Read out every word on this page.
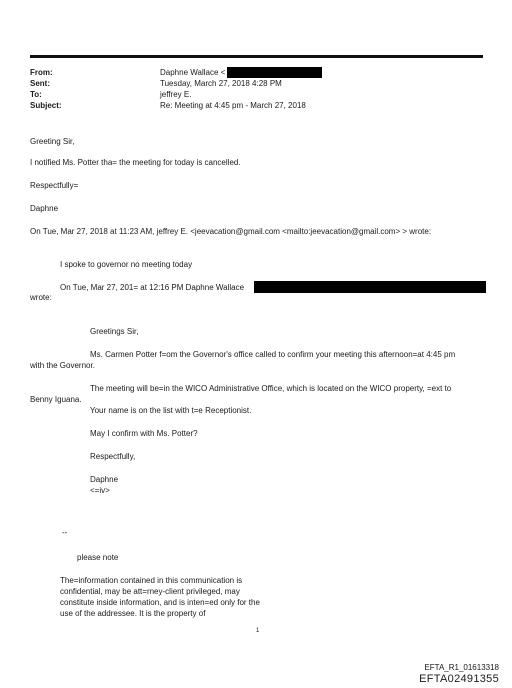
From:
Sent:
To:
Subject:
Daphne Wallace <
Tuesday, March 27, 2018 4:28 PM
jeffrey E.
Re: Meeting at 4:45 pm - March 27, 2018
Greeting Sir,
I notified Ms. Potter tha= the meeting for today is cancelled.
Respectfully=
Daphne
On Tue, Mar 27, 2018 at 11:23 AM, jeffrey E. <jeevacation@gmail.com <mailto:jeevacation@gmail.com> > wrote:
I spoke to governor no meeting today
On Tue, Mar 27, 201= at 12:16 PM Daphne Wallace
wrote:
Greetings Sir,
Ms. Carmen Potter f=om the Governor's office called to confirm your meeting this afternoon=at 4:45 pm
with the Governor.
The meeting will be=in the WICO Administrative Office, which is located on the WICO property, =ext to
Benny Iguana.
Your name is on the list with t=e Receptionist.
May I confirm with Ms. Potter?
Respectfully,
Daphne
<=iv>
--
please note
The=information contained in this communication is confidential, may be att=rney-client privileged, may constitute inside information, and is inten=ed only for the use of the addressee. It is the property of
1
EFTA_R1_01613318
EFTA02491355
